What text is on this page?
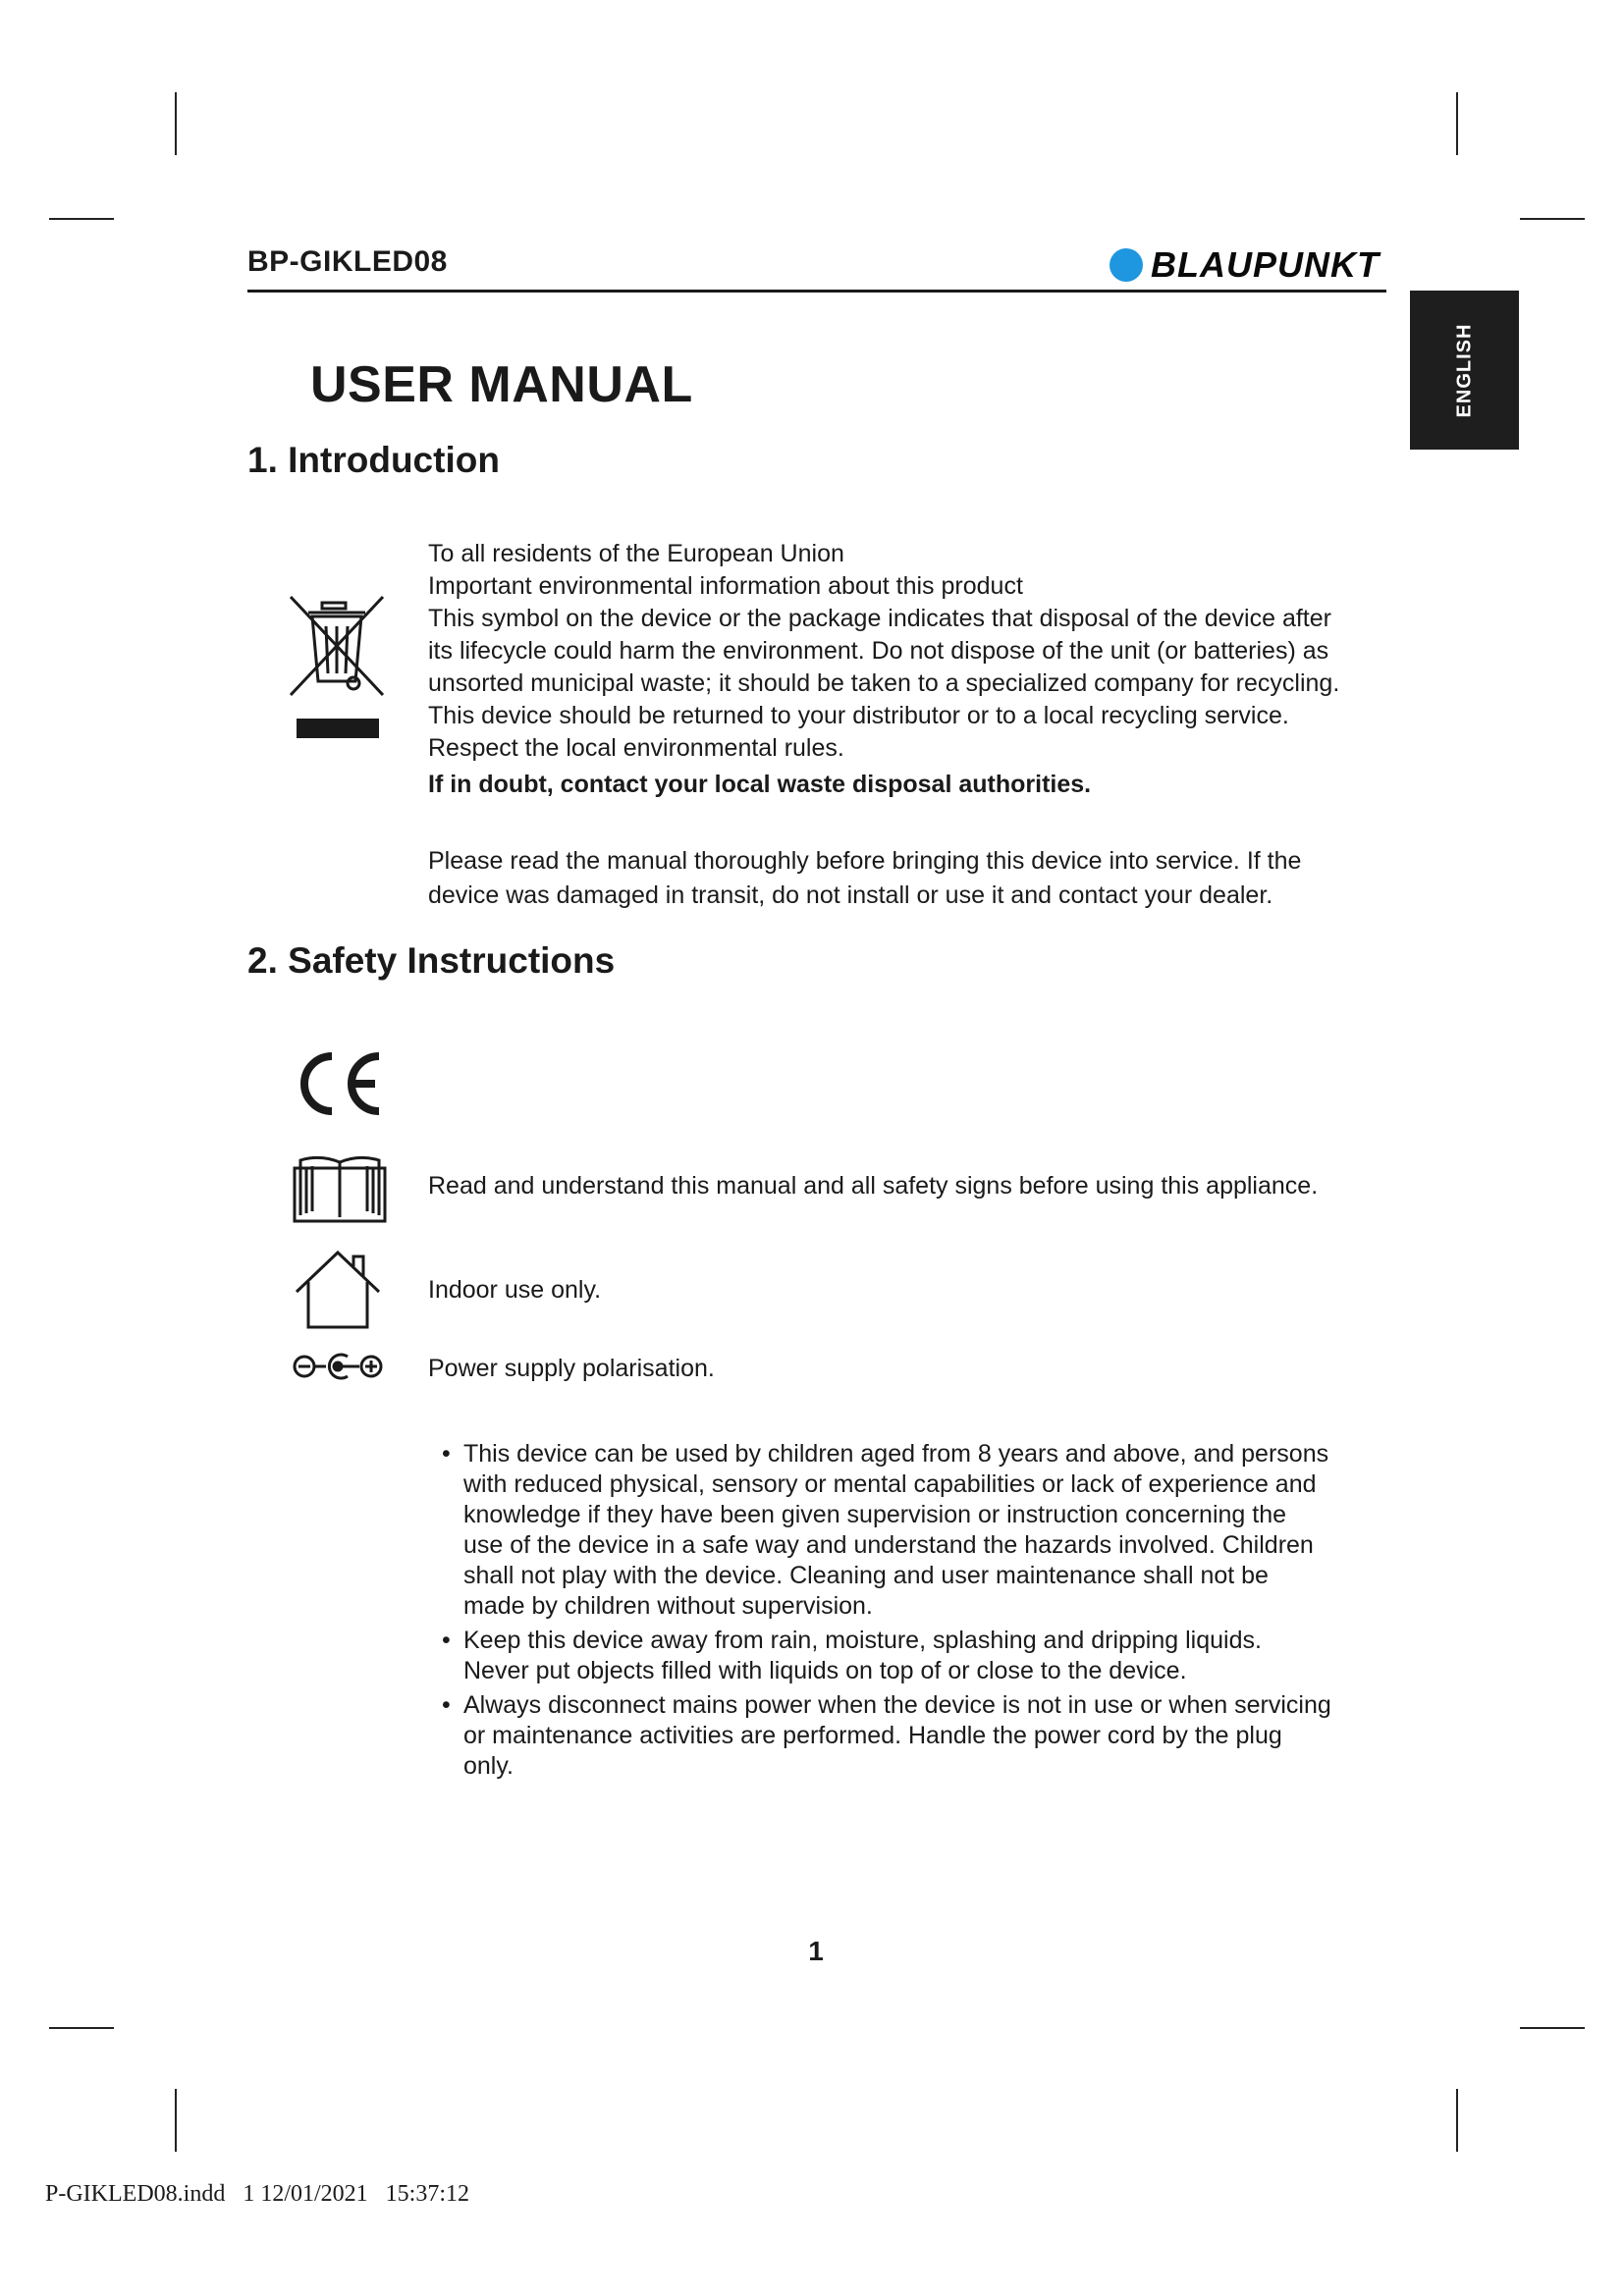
BP-GIKLED08	BLAUPUNKT
ENGLISH
USER MANUAL
1. Introduction
To all residents of the European Union
Important environmental information about this product
This symbol on the device or the package indicates that disposal of the device after its lifecycle could harm the environment. Do not dispose of the unit (or batteries) as unsorted municipal waste; it should be taken to a specialized company for recycling.
This device should be returned to your distributor or to a local recycling service. Respect the local environmental rules.
If in doubt, contact your local waste disposal authorities.
Please read the manual thoroughly before bringing this device into service. If the device was damaged in transit, do not install or use it and contact your dealer.
2. Safety Instructions
Read and understand this manual and all safety signs before using this appliance.
Indoor use only.
Power supply polarisation.
• This device can be used by children aged from 8 years and above, and persons with reduced physical, sensory or mental capabilities or lack of experience and knowledge if they have been given supervision or instruction concerning the use of the device in a safe way and understand the hazards involved. Children shall not play with the device. Cleaning and user maintenance shall not be made by children without supervision.
• Keep this device away from rain, moisture, splashing and dripping liquids. Never put objects filled with liquids on top of or close to the device.
• Always disconnect mains power when the device is not in use or when servicing or maintenance activities are performed. Handle the power cord by the plug only.
1
P-GIKLED08.indd   1 12/01/2021   15:37:12
